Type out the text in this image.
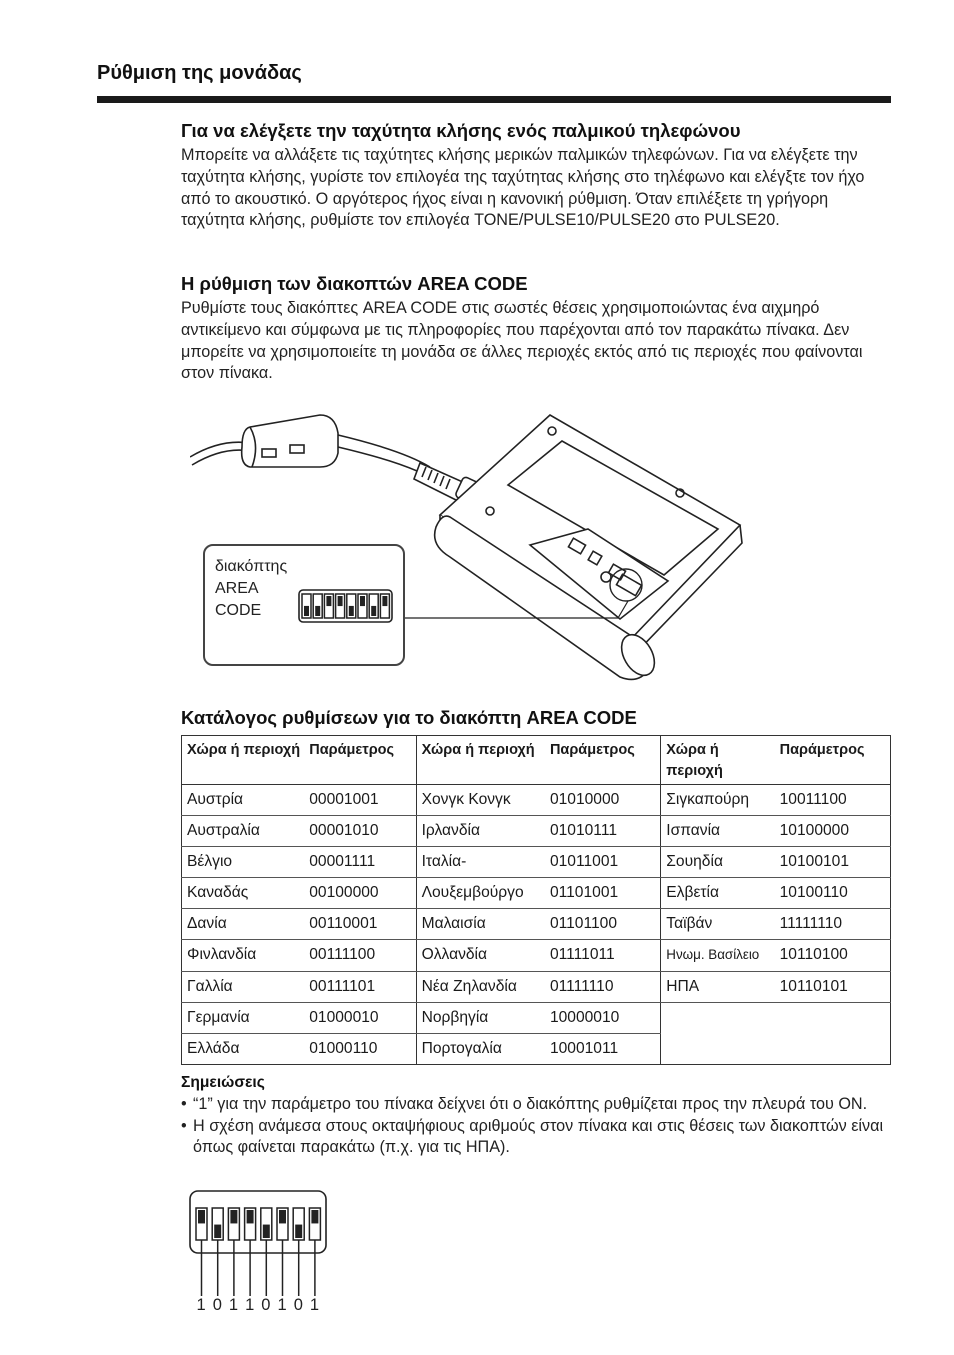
Ρύθμιση της μονάδας
Για να ελέγξετε την ταχύτητα κλήσης ενός παλμικού τηλεφώνου

Μπορείτε να αλλάξετε τις ταχύτητες κλήσης μερικών παλμικών τηλεφώνων. Για να ελέγξετε την ταχύτητα κλήσης, γυρίστε τον επιλογέα της ταχύτητας κλήσης στο τηλέφωνο και ελέγξτε τον ήχο από το ακουστικό. Ο αργότερος ήχος είναι η κανονική ρύθμιση. Όταν επιλέξετε τη γρήγορη ταχύτητα κλήσης, ρυθμίστε τον επιλογέα TONE/PULSE10/PULSE20 στο PULSE20.

Η ρύθμιση των διακοπτών AREA CODE

Ρυθμίστε τους διακόπτες AREA CODE στις σωστές θέσεις χρησιμοποιώντας ένα αιχμηρό αντικείμενο και σύμφωνα με τις πληροφορίες που παρέχονται από τον παρακάτω πίνακα. Δεν μπορείτε να χρησιμοποιείτε τη μονάδα σε άλλες περιοχές εκτός από τις περιοχές που φαίνονται στον πίνακα.

διακόπτης
AREA
CODE
Κατάλογος ρυθμίσεων για το διακόπτη AREA CODE
Χώρα ή περιοχή	Παράμετρος	Χώρα ή περιοχή	Παράμετρος	Χώρα ή περιοχή	Παράμετρος
Αυστρία	00001001	Χονγκ Κονγκ	01010000	Σιγκαπούρη	10011100
Αυστραλία	00001010	Ιρλανδία	01010111	Ισπανία	10100000
Βέλγιο	00001111	Ιταλία-	01011001	Σουηδία	10100101
Καναδάς	00100000	Λουξεμβούργο	01101001	Ελβετία	10100110
Δανία	00110001	Μαλαισία	01101100	Ταϊβάν	11111110
Φινλανδία	00111100	Ολλανδία	01111011	Ηνωμ. Βασίλειο	10110100
Γαλλία	00111101	Νέα Ζηλανδία	01111110	ΗΠΑ	10110101
Γερμανία	01000010	Νορβηγία	10000010		
Ελλάδα	01000110	Πορτογαλία	10001011		
Σημειώσεις
• “1” για την παράμετρο του πίνακα δείχνει ότι ο διακόπτης ρυθμίζεται προς την πλευρά του ON.
• Η σχέση ανάμεσα στους οκταψήφιους αριθμούς στον πίνακα και στις θέσεις των διακοπτών είναι όπως φαίνεται παρακάτω (π.χ. για τις ΗΠΑ).
1 0 1 1 0 1 0 1
